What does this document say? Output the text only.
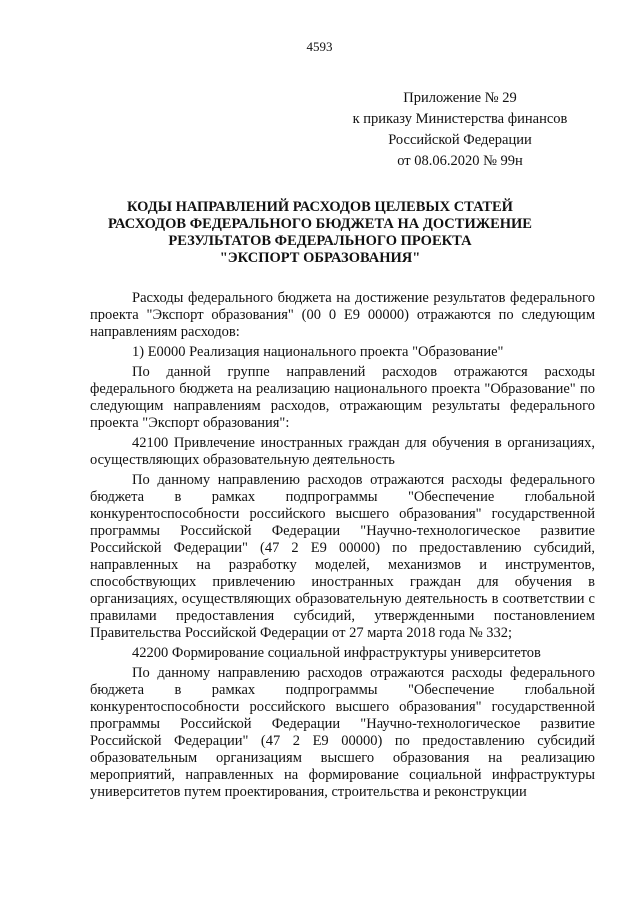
4593
Приложение № 29
к приказу Министерства финансов
Российской Федерации
от 08.06.2020 № 99н
КОДЫ НАПРАВЛЕНИЙ РАСХОДОВ ЦЕЛЕВЫХ СТАТЕЙ
РАСХОДОВ ФЕДЕРАЛЬНОГО БЮДЖЕТА НА ДОСТИЖЕНИЕ
РЕЗУЛЬТАТОВ ФЕДЕРАЛЬНОГО ПРОЕКТА
"ЭКСПОРТ ОБРАЗОВАНИЯ"

Расходы федерального бюджета на достижение результатов федерального проекта "Экспорт образования" (00 0 E9 00000) отражаются по следующим направлениям расходов:

1) E0000 Реализация национального проекта "Образование"

По данной группе направлений расходов отражаются расходы федерального бюджета на реализацию национального проекта "Образование" по следующим направлениям расходов, отражающим результаты федерального проекта "Экспорт образования":

42100 Привлечение иностранных граждан для обучения в организациях, осуществляющих образовательную деятельность

По данному направлению расходов отражаются расходы федерального бюджета в рамках подпрограммы "Обеспечение глобальной конкурентоспособности российского высшего образования" государственной программы Российской Федерации "Научно-технологическое развитие Российской Федерации" (47 2 E9 00000) по предоставлению субсидий, направленных на разработку моделей, механизмов и инструментов, способствующих привлечению иностранных граждан для обучения в организациях, осуществляющих образовательную деятельность в соответствии с правилами предоставления субсидий, утвержденными постановлением Правительства Российской Федерации от 27 марта 2018 года № 332;

42200 Формирование социальной инфраструктуры университетов

По данному направлению расходов отражаются расходы федерального бюджета в рамках подпрограммы "Обеспечение глобальной конкурентоспособности российского высшего образования" государственной программы Российской Федерации "Научно-технологическое развитие Российской Федерации" (47 2 E9 00000) по предоставлению субсидий образовательным организациям высшего образования на реализацию мероприятий, направленных на формирование социальной инфраструктуры университетов путем проектирования, строительства и реконструкции
